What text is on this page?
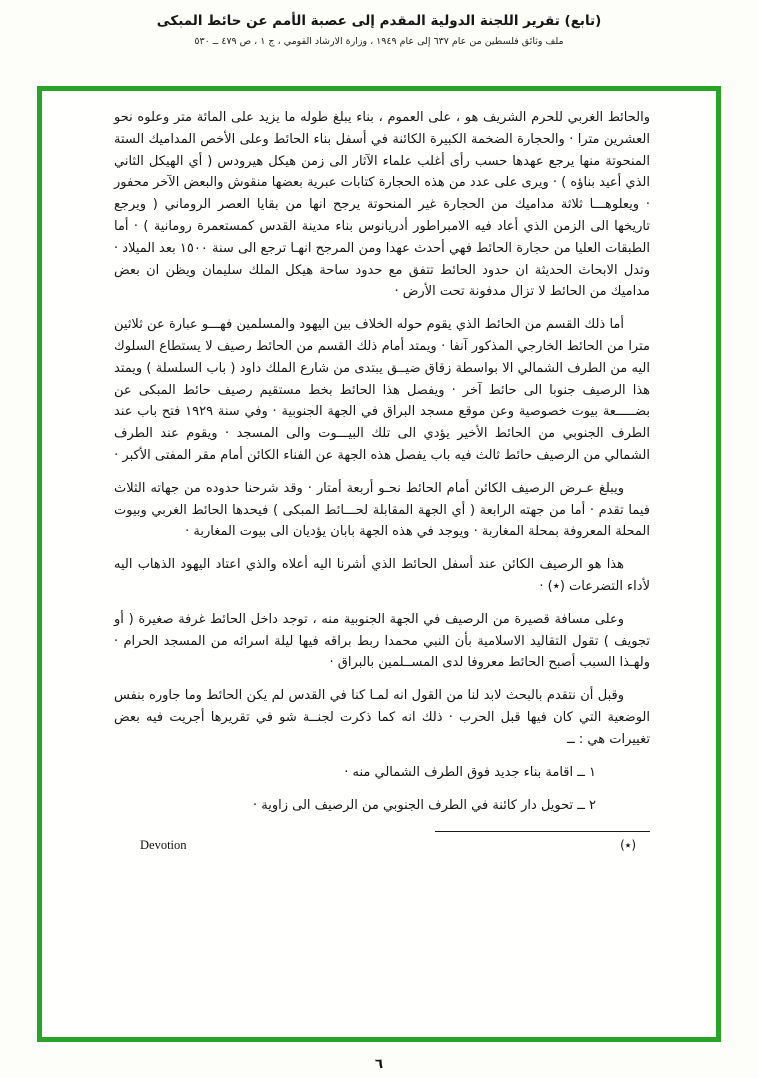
(تابع) تقرير اللجنة الدولية المقدم إلى عصبة الأمم عن حائط المبكى
ملف وثائق فلسطين من عام ٦٣٧ إلى عام ١٩٤٩ ، وزارة الارشاد القومي ، ج ١ ، ص ٤٧٩ ــ ٥٣٠

والحائط الغربي للحرم الشريف هو ، على العموم ، بناء يبلغ طوله ما يزيد على المائة متر وعلوه نحو العشرين مترا · والحجارة الضخمة الكبيرة الكائنة في أسفل بناء الحائط وعلى الأخص المداميك الستة المنحوتة منها يرجع عهدها حسب رأى أغلب علماء الآثار الى زمن هيكل هيرودس ( أي الهيكل الثاني الذي أعيد بناؤه ) · ويرى على عدد من هذه الحجارة كتابات عبرية بعضها منقوش والبعض الآخر محفور · ويعلوهـــا ثلاثة مداميك من الحجارة غير المنحوتة يرجح انها من بقايا العصر الروماني ( ويرجع تاريخها الى الزمن الذي أعاد فيه الامبراطور أدريانوس بناء مدينة القدس كمستعمرة رومانية ) · أما الطبقات العليا من حجارة الحائط فهي أحدث عهدا ومن المرجح انهـا ترجع الى سنة ١٥٠٠ بعد الميلاد · وتدل الابحاث الحديثة ان حدود الحائط تتفق مع حدود ساحة هيكل الملك سليمان ويظن ان بعض مداميك من الحائط لا تزال مدفونة تحت الأرض ·

أما ذلك القسم من الحائط الذي يقوم حوله الخلاف بين اليهود والمسلمين فهـــو عبارة عن ثلاثين مترا من الحائط الخارجي المذكور آنفا · ويمتد أمام ذلك القسم من الحائط رصيف لا يستطاع السلوك اليه من الطرف الشمالي الا بواسطة زقاق ضيــق يبتدى من شارع الملك داود ( باب السلسلة ) ويمتد هذا الرصيف جنوبا الى حائط آخر · ويفصل هذا الحائط بخط مستقيم رصيف حائط المبكى عن بضـــــعة بيوت خصوصية وعن موقع مسجد البراق في الجهة الجنوبية · وفي سنة ١٩٢٩ فتح باب عند الطرف الجنوبي من الحائط الأخير يؤدي الى تلك البيـــوت والى المسجد · ويقوم عند الطرف الشمالي من الرصيف حائط ثالث فيه باب يفصل هذه الجهة عن الفناء الكائن أمام مقر المفتى الأكبر ·

ويبلغ عـرض الرصيف الكائن أمام الحائط نحـو أربعة أمتار · وقد شرحنا حدوده من جهاته الثلاث فيما تقدم · أما من جهته الرابعة ( أي الجهة المقابلة لحـــائط المبكى ) فيحدها الحائط الغربي وبيوت المحلة المعروفة بمحلة المغاربة · ويوجد في هذه الجهة بابان يؤديان الى بيوت المغاربة ·

هذا هو الرصيف الكائن عند أسفل الحائط الذي أشرنا اليه أعلاه والذي اعتاد اليهود الذهاب اليه لأداء التضرعات (٭) ·

وعلى مسافة قصيرة من الرصيف في الجهة الجنوبية منه ، توجد داخل الحائط غرفة صغيرة ( أو تجويف ) تقول التقاليد الاسلامية بأن النبي محمدا ربط براقه فيها ليلة اسرائه من المسجد الحرام · ولهـذا السبب أصبح الحائط معروفا لدى المســلمين بالبراق ·

وقبل أن نتقدم بالبحث لابد لنا من القول انه لمـا كنا في القدس لم يكن الحائط وما جاوره بنفس الوضعية التي كان فيها قبل الحرب · ذلك انه كما ذكرت لجنــة شو في تقريرها أجريت فيه بعض تغييرات هي : ــ

١ ــ اقامة بناء جديد فوق الطرف الشمالي منه ·
٢ ــ تحويل دار كائنة في الطرف الجنوبي من الرصيف الى زاوية ·
Devotion	(٭)
٦
